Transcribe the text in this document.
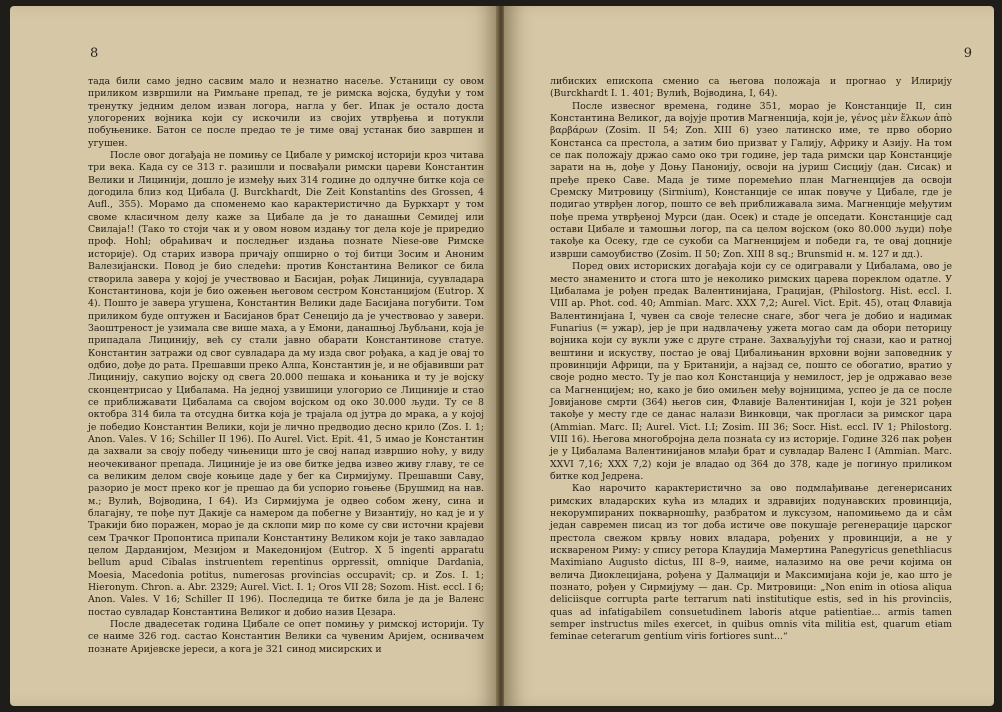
8

тада били само једно сасвим мало и незнатно насеље. Устаници су овом приликом извршили на Римљане препад, те је римска војска, будући у том тренутку једним делом изван логора, нагла у бег. Ипак је остало доста улогорених војника који су искочили из својих утврђења и потукли побуњенике. Батон се после предао те је тиме овај устанак био завршен и угушен.

После овог догађаја не помињу се Цибале у римској историји кроз читава три века. Када су се 313 г. разишли и посвађали римски цареви Константин Велики и Лицинији, дошло је између њих 314 године до одлучне битке која се догодила близ код Цибала (J. Burckhardt, Die Zeit Konstantins des Grossen, 4 Aufl., 355). Морамо да споменемо као карактеристично да Буркхарт у том своме класичном делу каже за Цибале да је то данашњи Семидеј или Свилаја!! (Тако то стоји чак и у овом новом издању тог дела које је приредио проф. Hohl; обраћивач и последњег издања познате Niese-ове Римске историје). Од старих извора причају опширно о тој битци Зосим и Аноним Валезијански. Повод је био следећи: против Константина Великог се била створила завера у којој је учествовао и Басијан, рођак Лицинија, суувладара Константинова, који је био ожењен његовом сестром Констанцијом (Eutrop. X 4). Пошто је завера угушена, Константин Велики даде Басијана погубити. Том приликом буде оптужен и Басијанов брат Сенецијо да је учествовао у завери. Заоштреност је узимала све више маха, а у Емони, данашњој Љубљани, која је припадала Лицинију, већ су стали јавно обарати Константинове статуе. Константин затражи од свог сувладара да му изда свог рођака, а кад је овај то одбио, дође до рата. Прешавши преко Алпа, Константин је, и не објавивши рат Лицинију, сакупио војску од свега 20.000 пешака и коњаника и ту је војску сконцентрисао у Цибалама. На једној узвишици улогорио се Лициније и стао се приближавати Цибалама са својом војском од око 30.000 људи. Ту се 8 октобра 314 била та отсудна битка која је трајала од јутра до мрака, а у којој је победио Константин Велики, који је лично предводио десно крило (Zos. I. 1; Anon. Vales. V 16; Schiller II 196). По Aurel. Vict. Epit. 41, 5 имао је Константин да захвали за своју победу чињеници што је свој напад извршио ноћу, у виду неочекиваног препада. Лициније је из ове битке једва извео живу главу, те се са великим делом своје коњице даде у бег ка Сирмијуму. Прешавши Саву, разорио је мост преко ког је прешао да би успорио гоњење (Брушмид на нав. м.; Вулић, Војводина, I 64). Из Сирмијума је одвео собом жену, сина и благајну, те пође пут Дакије са намером да побегне у Византију, но кад је и у Тракији био поражен, морао је да склопи мир по коме су сви источни крајеви сем Трачког Пропонтиса припали Константину Великом који је тако завладао целом Дарданијом, Мезијом и Македонијом (Eutrop. X 5 ingenti apparatu bellum apud Cibalas instruentem repentinus oppressit, omnique Dardania, Moesia, Macedonia potitus, numerosas provincias occupavit; cp. и Zos. I. 1; Hieronym. Chron. a. Abr. 2329; Aurel. Vict. I. 1; Oros VII 28; Sozom. Hist. eccl. I 6; Anon. Vales. V 16; Schiller II 196). Последица те битке била је да је Валенс постао сувладар Константина Великог и добио назив Цезара.

После двадесетак година Цибале се опет помињу у римској историји. Ту се наиме 326 год. састао Константин Велики са чувеним Аријем, оснивачем познате Аријевске јереси, а кога је 321 синод мисирских и

9

либиских епископа сменио са његова положаја и прогнао у Илирију (Burckhardt I. 1. 401; Вулић, Војводина, I, 64).

После извесног времена, године 351, морао је Констанције II, син Константина Великог, да војује против Магненција, који је, γένος μὲν ἕλκων ἀπὸ βαρβάρων (Zosim. II 54; Zon. XIII 6) узео латинско име, те прво оборио Констанса са престола, а затим био призват у Галију, Африку и Азију. На том се пак положају држао само око три године, јер тада римски цар Констанције зарати на њ, дође у Доњу Панонију, освоји на јуриш Сисцију (дан. Сисак) и пређе преко Саве. Мада је тиме поремећио план Магненцијев да освоји Сремску Митровицу (Sirmium), Констанције се ипак повуче у Цибале, где је подигао утврђен логор, пошто се већ приближавала зима. Магненције међутим пође према утврђеној Мурси (дан. Осек) и стаде је опседати. Констанције сад остави Цибале и тамошњи логор, па са целом војском (око 80.000 људи) пође такође ка Осеку, где се сукоби са Магненцијем и победи га, те овај доцније изврши самоубиство (Zosim. II 50; Zon. XIII 8 sq.; Brunsmid н. м. 127 и дд.).

Поред ових историских догађаја који су се одигравали у Цибалама, ово је место знаменито и стога што је неколико римских царева пореклом одатле. У Цибалама је рођен предак Валентинијана, Грацијан, (Philostorg. Hist. eccl. I. VIII ap. Phot. cod. 40; Ammian. Marc. XXX 7,2; Aurel. Vict. Epit. 45), отац Флавија Валентинијана I, чувен са своје телесне снаге, због чега је добио и надимак Funarius (= ужар), јер је при надвлачењу ужета могао сам да обори петорицу војника који су вукли уже с друге стране. Захваљујући тој снази, као и ратној вештини и искуству, постао је овај Цибалињанин врховни војни заповедник у провинцији Африци, па у Британији, а најзад се, пошто се обогатио, вратио у своје родно место. Ту је пао кол Констанција у немилост, јер је одржавао везе са Магненцијем; но, како је био омиљен међу војницима, успео је да се после Јовијанове смрти (364) његов син, Флавије Валентинијан I, који је 321 рођен такође у месту где се данас налази Винковци, чак прогласи за римског цара (Ammian. Marc. II; Aurel. Vict. I.I; Zosim. III 36; Socr. Hist. eccl. IV 1; Philostorg. VIII 16). Његова многобројна дела познаta су из историје. Године 326 пак рођен је у Цибалама Валентинијанов млађи брат и сувладар Валенс I (Ammian. Marc. XXVI 7,16; XXX 7,2) који је владао од 364 до 378, каде је погинуо приликом битке код Једрена.

Као нарочито карактеристично за ово подмлађивање дегенерисаних римских владарских кућа из младих и здравијих подунавских провинција, некорумпираних покварношћу, разбратом и луксузом, напомињемо да и сâм један савремен писац из тог доба истиче ове покушаје регенерације царског престола свежом крвљу нових владара, рођених у провинцији, а не у искваpеном Риму: у спису ретора Клаудија Мамертина Panegyricus genethliacus Maximiano Augusto dictus, III 8–9, наиме, налазимо на ове речи којима он велича Диоклецијана, рођена у Далмацији и Максимијана који је, као што је познато, рођен у Сирмијуму — дан. Ср. Митровици: „Non enim in otiosa aliqua deliciisque corrupta parte terrarum nati institutique estis, sed in his provinciis, quas ad infatigabilem consuetudinem laboris atque patientiae... armis tamen semper instructus miles exercet, in quibus omnis vita militia est, quarum etiam feminae ceterarum gentium viris fortiores sunt...“
